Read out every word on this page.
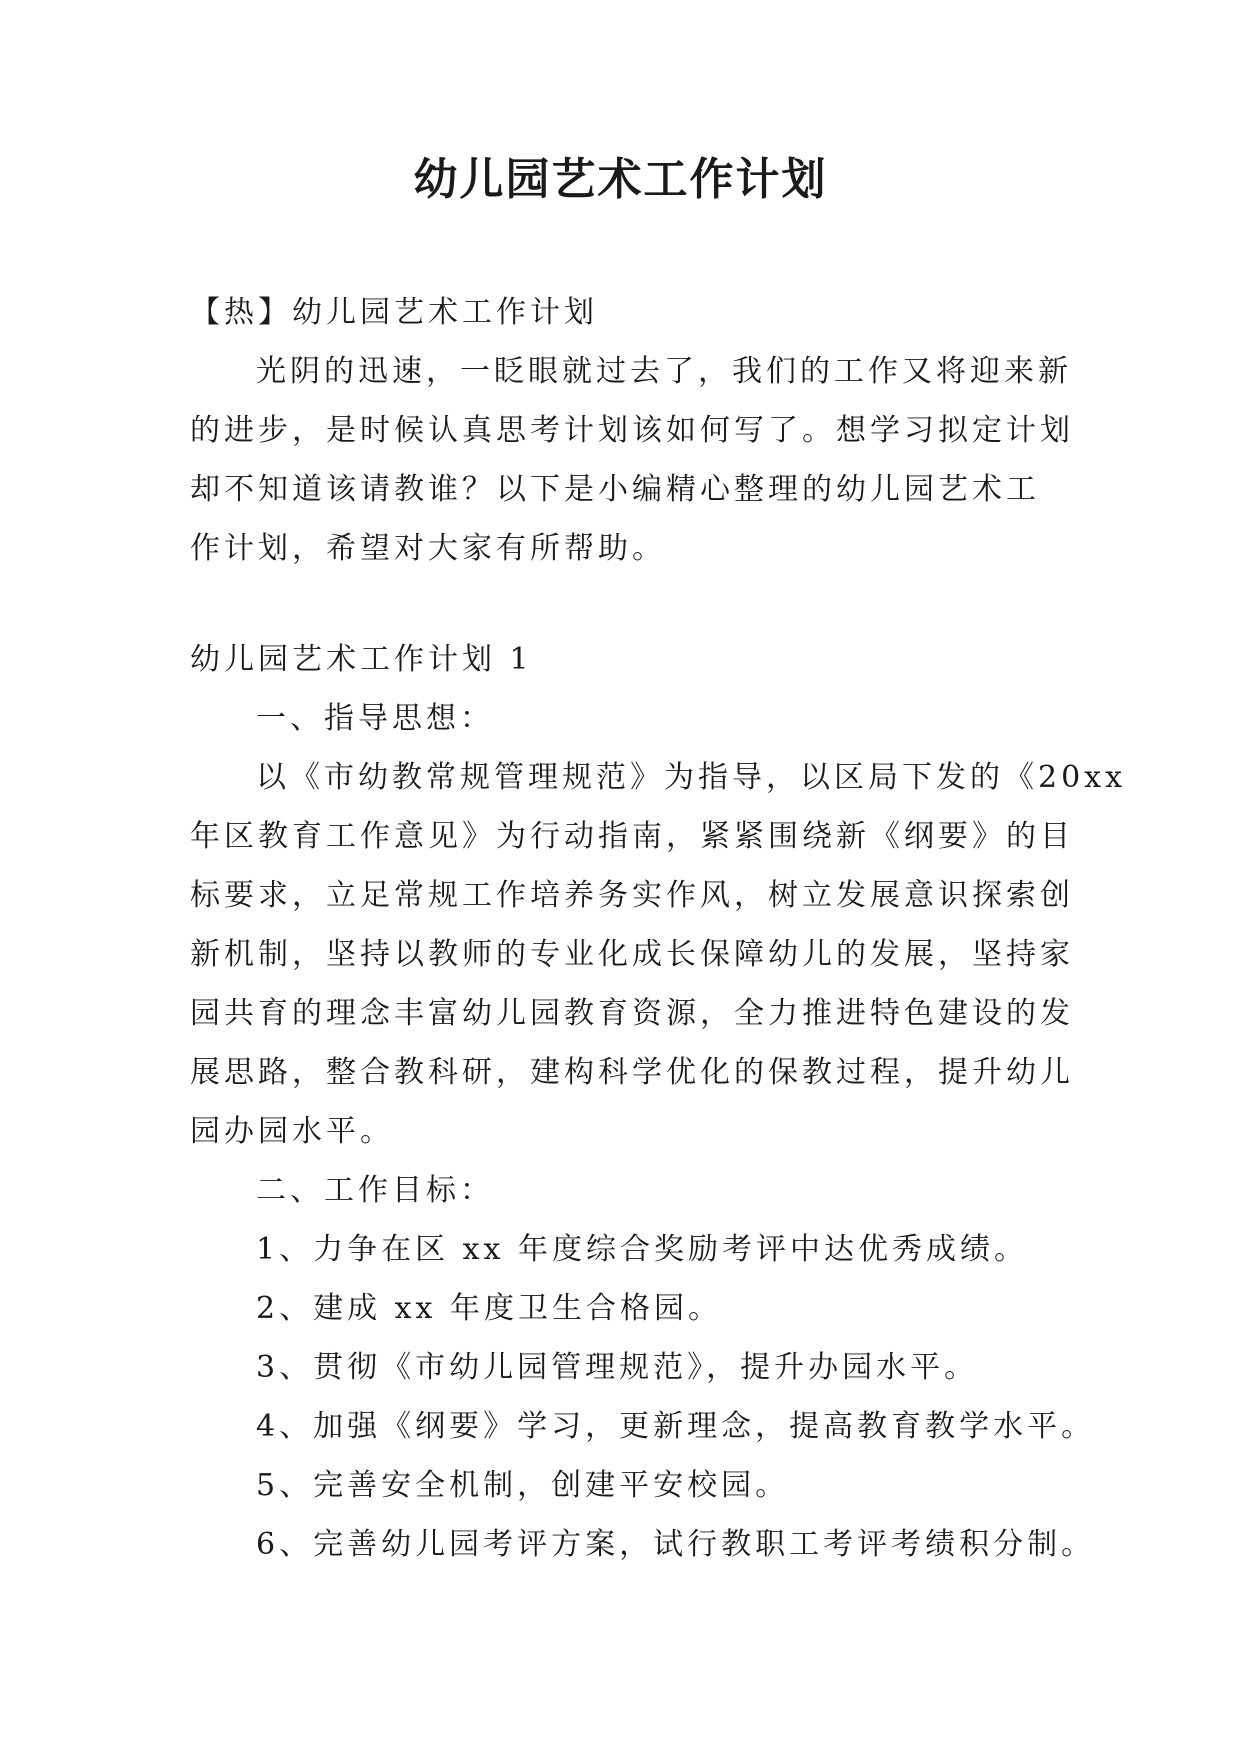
幼儿园艺术工作计划
【热】幼儿园艺术工作计划
光阴的迅速，一眨眼就过去了，我们的工作又将迎来新
的进步，是时候认真思考计划该如何写了。想学习拟定计划
却不知道该请教谁？以下是小编精心整理的幼儿园艺术工
作计划，希望对大家有所帮助。
幼儿园艺术工作计划 1
一、指导思想：
以《市幼教常规管理规范》为指导，以区局下发的《20xx
年区教育工作意见》为行动指南，紧紧围绕新《纲要》的目
标要求，立足常规工作培养务实作风，树立发展意识探索创
新机制，坚持以教师的专业化成长保障幼儿的发展，坚持家
园共育的理念丰富幼儿园教育资源，全力推进特色建设的发
展思路，整合教科研，建构科学优化的保教过程，提升幼儿
园办园水平。
二、工作目标：
1、力争在区 xx 年度综合奖励考评中达优秀成绩。
2、建成 xx 年度卫生合格园。
3、贯彻《市幼儿园管理规范》，提升办园水平。
4、加强《纲要》学习，更新理念，提高教育教学水平。
5、完善安全机制，创建平安校园。
6、完善幼儿园考评方案，试行教职工考评考绩积分制。
